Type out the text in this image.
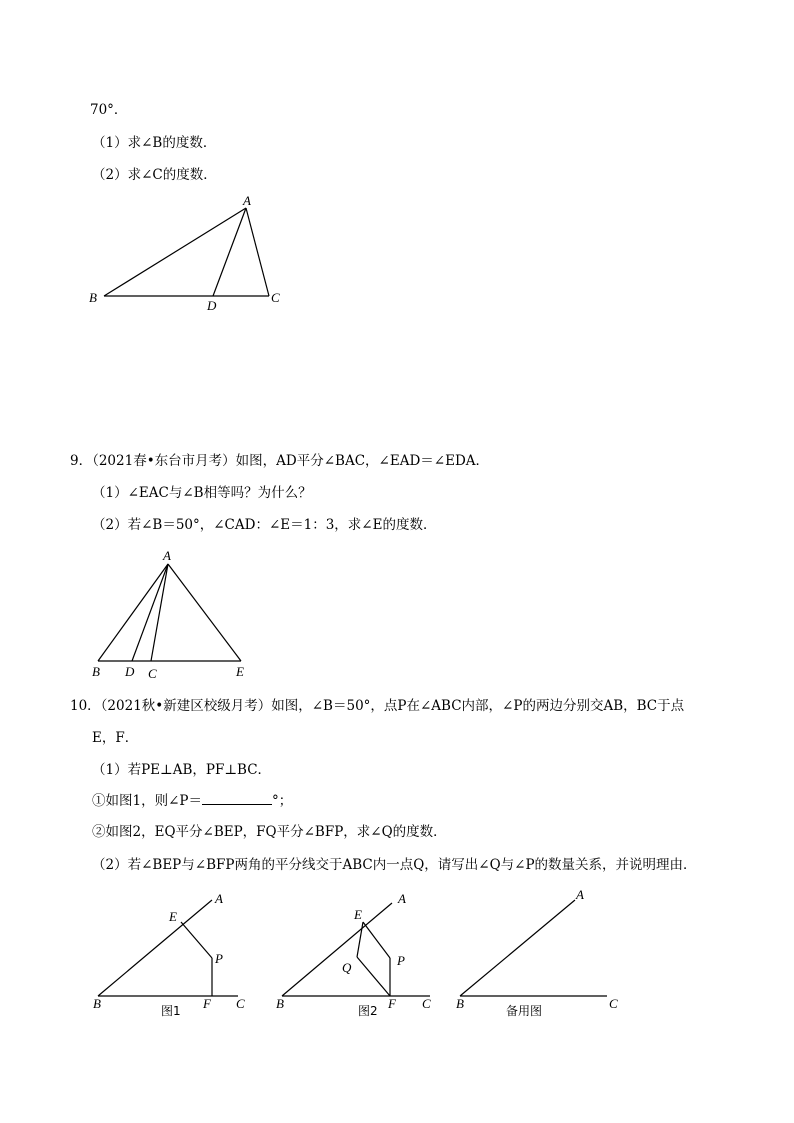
70°．
（1）求∠B的度数．
（2）求∠C的度数．
9．（2021春•东台市月考）如图，AD平分∠BAC，∠EAD＝∠EDA．
（1）∠EAC与∠B相等吗？为什么？
（2）若∠B＝50°，∠CAD：∠E＝1：3，求∠E的度数．
10．（2021秋•新建区校级月考）如图，∠B＝50°，点P在∠ABC内部，∠P的两边分别交AB，BC于点
E，F．
（1）若PE⊥AB，PF⊥BC．
①如图1，则∠P＝	°；
②如图2，EQ平分∠BEP，FQ平分∠BFP，求∠Q的度数．
（2）若∠BEP与∠BFP两角的平分线交于ABC内一点Q，请写出∠Q与∠P的数量关系，并说明理由．
A
B
D
C
A
B D C	E
A
E
P
B	F C
图1
A
E
P
Q
B	F C
图2
A
B	C
备用图
